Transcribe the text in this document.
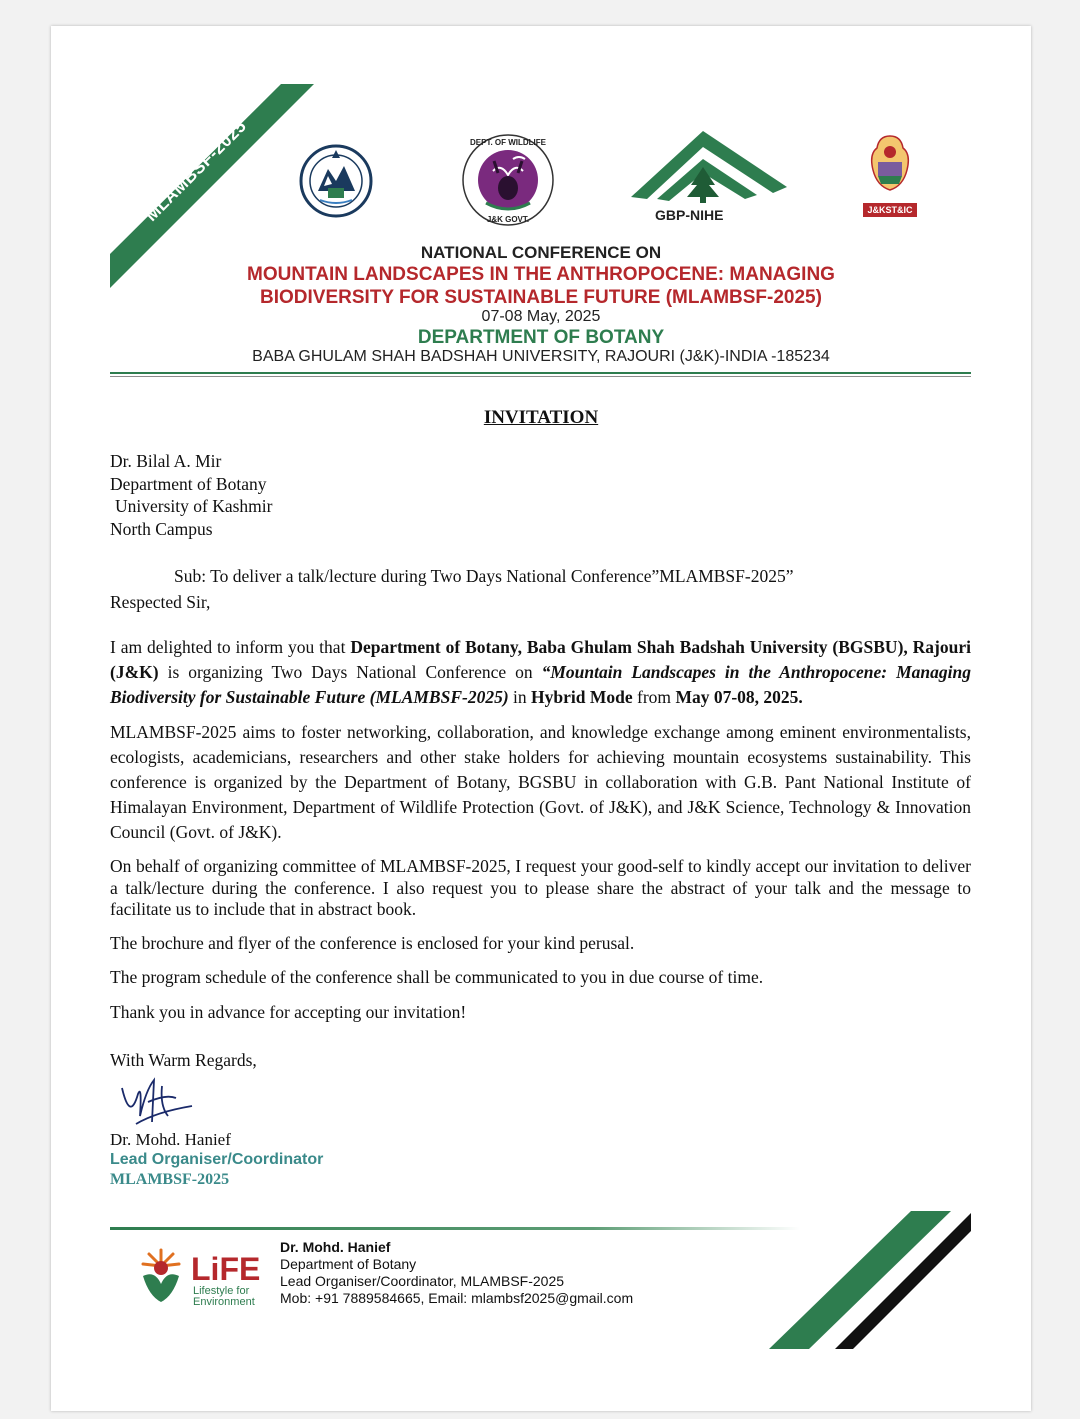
MLAMBSF-2025	DEPT. OF WILDLIFE
J&K GOVT.	GBP-NIHE	J&KST&IC
NATIONAL CONFERENCE ON
MOUNTAIN LANDSCAPES IN THE ANTHROPOCENE: MANAGING
BIODIVERSITY FOR SUSTAINABLE FUTURE (MLAMBSF-2025)
07-08 May, 2025
DEPARTMENT OF BOTANY
BABA GHULAM SHAH BADSHAH UNIVERSITY, RAJOURI (J&K)-INDIA -185234
INVITATION
Dr. Bilal A. Mir
Department of Botany
University of Kashmir
North Campus
Sub: To deliver a talk/lecture during Two Days National Conference”MLAMBSF-2025”
Respected Sir,
I am delighted to inform you that Department of Botany, Baba Ghulam Shah Badshah University (BGSBU), Rajouri (J&K) is organizing Two Days National Conference on “Mountain Landscapes in the Anthropocene: Managing Biodiversity for Sustainable Future (MLAMBSF-2025) in Hybrid Mode from May 07-08, 2025.
MLAMBSF-2025 aims to foster networking, collaboration, and knowledge exchange among eminent environmentalists, ecologists, academicians, researchers and other stake holders for achieving mountain ecosystems sustainability. This conference is organized by the Department of Botany, BGSBU in collaboration with G.B. Pant National Institute of Himalayan Environment, Department of Wildlife Protection (Govt. of J&K), and J&K Science, Technology & Innovation Council (Govt. of J&K).
On behalf of organizing committee of MLAMBSF-2025, I request your good-self to kindly accept our invitation to deliver a talk/lecture during the conference. I also request you to please share the abstract of your talk and the message to facilitate us to include that in abstract book.
The brochure and flyer of the conference is enclosed for your kind perusal.
The program schedule of the conference shall be communicated to you in due course of time.
Thank you in advance for accepting our invitation!
With Warm Regards,
Dr. Mohd. Hanief
Lead Organiser/Coordinator
MLAMBSF-2025
LiFE
Lifestyle for
Environment
Dr. Mohd. Hanief
Department of Botany
Lead Organiser/Coordinator, MLAMBSF-2025
Mob: +91 7889584665, Email: mlambsf2025@gmail.com
